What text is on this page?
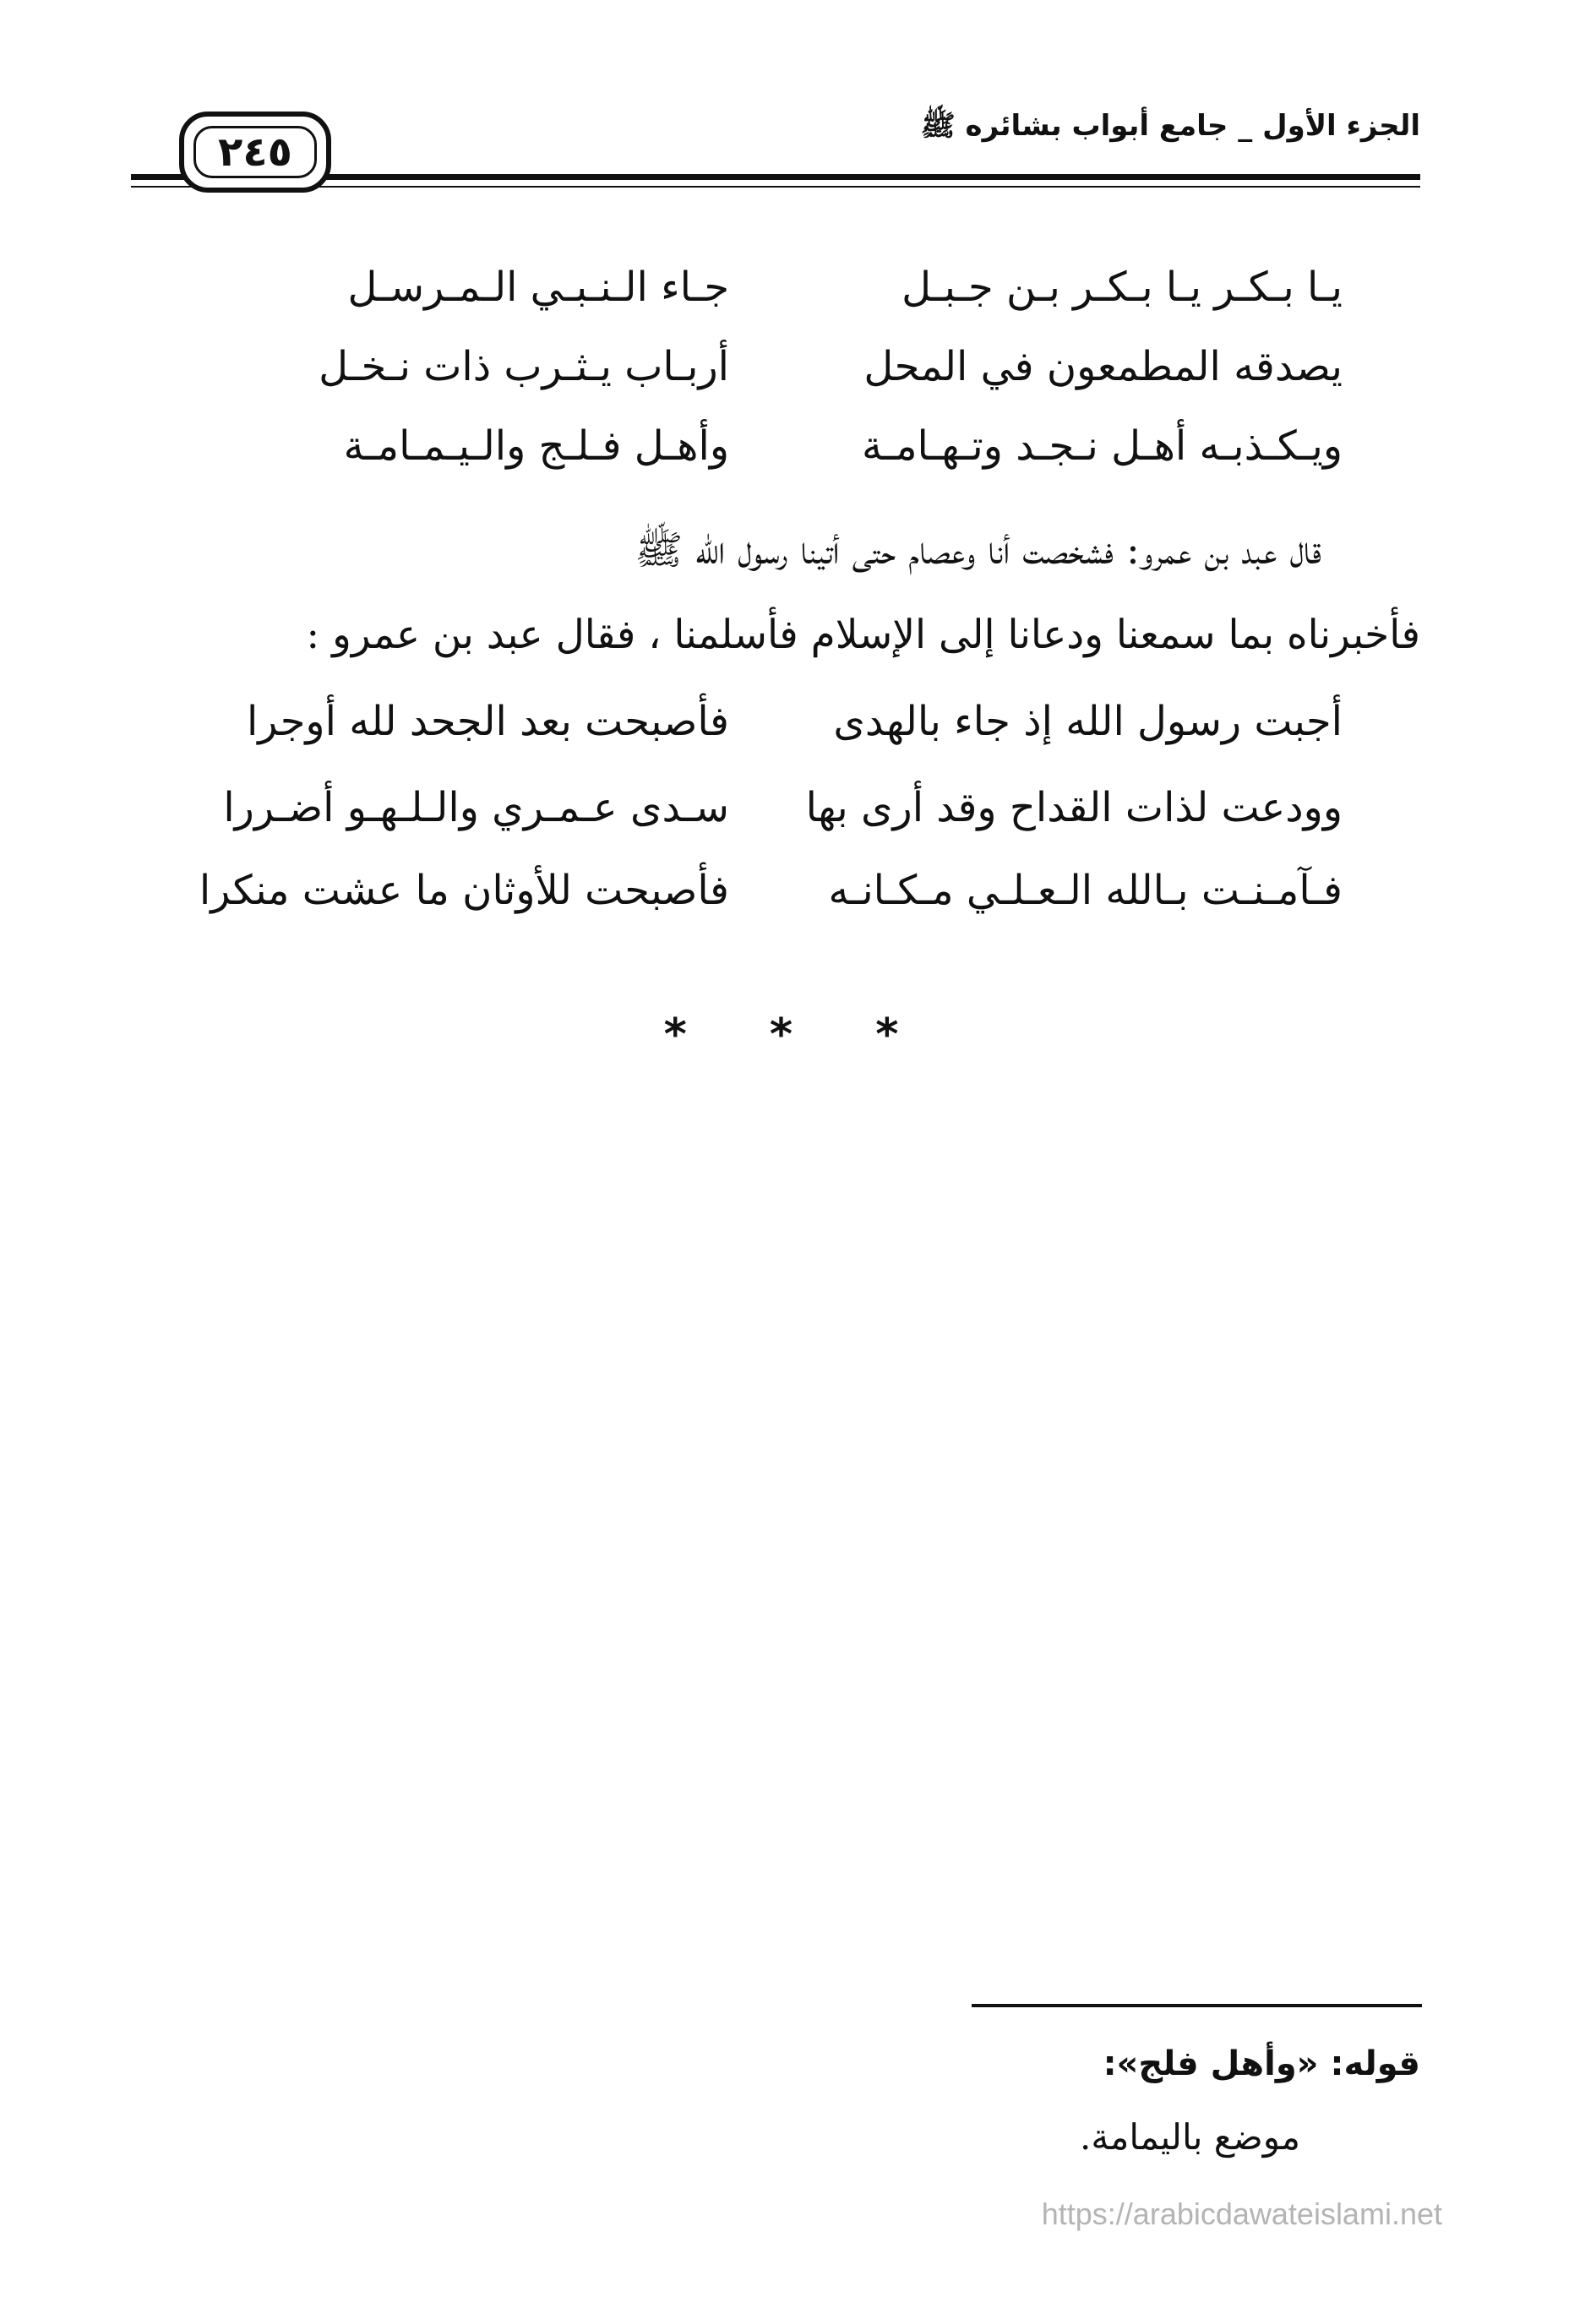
الجزء الأول _ جامع أبواب بشائره ﷺ
٢٤٥
يـا بـكـر يـا بـكـر بـن جـبـل
جـاء الـنـبـي الـمـرسـل
يصدقه المطمعون في المحل
أربـاب يـثـرب ذات نـخـل
ويـكـذبـه أهـل نـجـد وتـهـامـة
وأهـل فـلـج والـيـمـامـة
قال عبد بن عمرو: فشخصت أنا وعصام حتى أتينا رسول الله ﷺ
فأخبرناه بما سمعنا ودعانا إلى الإسلام فأسلمنا ، فقال عبد بن عمرو :
أجبت رسول الله إذ جاء بالهدى
فأصبحت بعد الجحد لله أوجرا
وودعت لذات القداح وقد أرى بها
سـدى عـمـري والـلـهـو أضـررا
فـآمـنـت بـالله الـعـلـي مـكـانـه
فأصبحت للأوثان ما عشت منكرا
* * *
قوله: «وأهل فلج»:
موضع باليمامة.
https://arabicdawateislami.net
